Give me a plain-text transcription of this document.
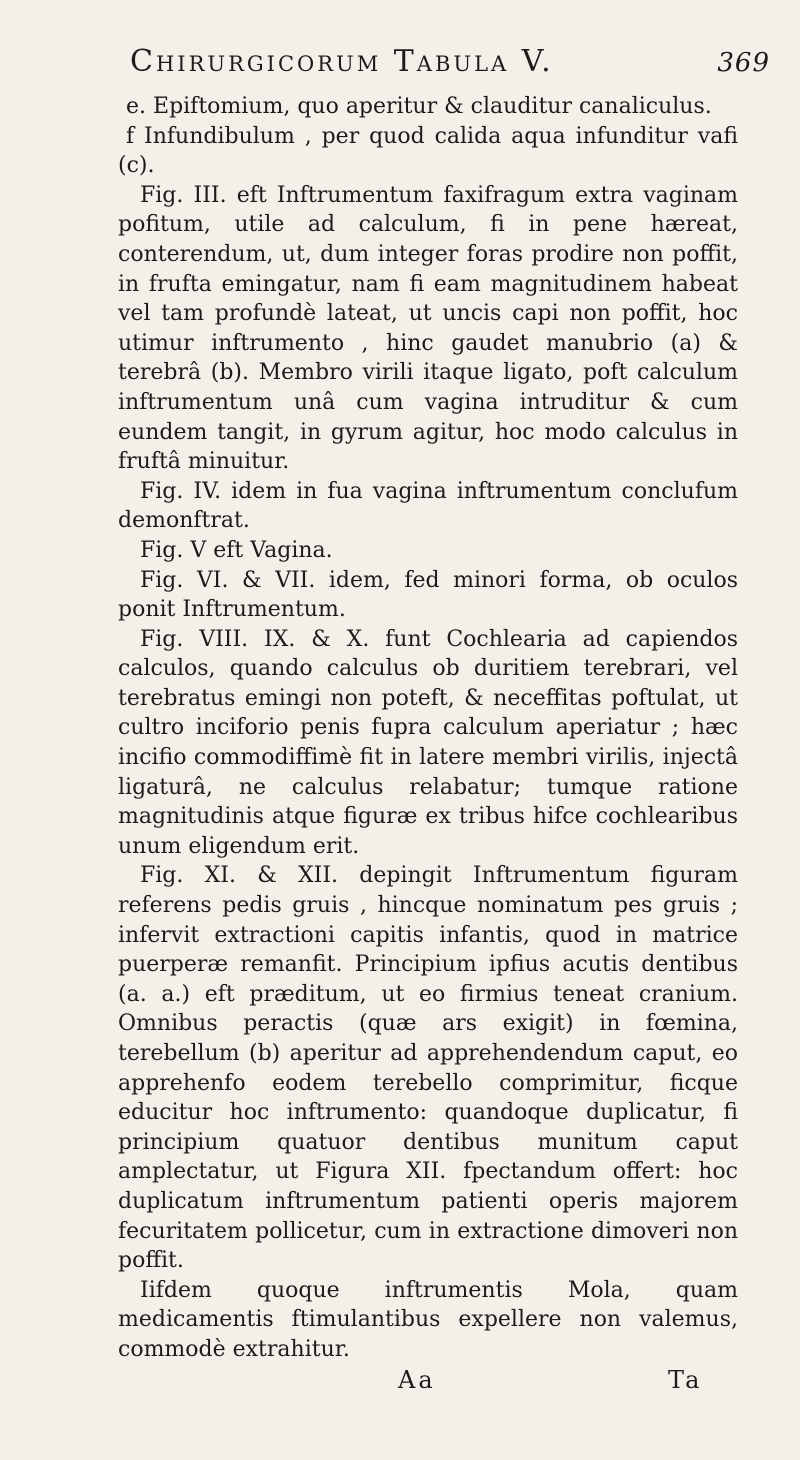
Chirurgicorum Tabula V.	369

e. Epiftomium, quo aperitur & clauditur canaliculus.

f Infundibulum , per quod calida aqua infunditur vafi (c).

Fig. III. eft Inftrumentum faxifragum extra vaginam pofitum, utile ad calculum, fi in pene hæreat, conterendum, ut, dum integer foras prodire non poffit, in frufta emingatur, nam fi eam magnitudinem habeat vel tam profundè lateat, ut uncis capi non poffit, hoc utimur inftrumento , hinc gaudet manubrio (a) & terebrâ (b). Membro virili itaque ligato, poft calculum inftrumentum unâ cum vagina intruditur & cum eundem tangit, in gyrum agitur, hoc modo calculus in fruftâ minuitur.

Fig. IV. idem in fua vagina inftrumentum conclufum demonftrat.

Fig. V eft Vagina.

Fig. VI. & VII. idem, fed minori forma, ob oculos ponit Inftrumentum.

Fig. VIII. IX. & X. funt Cochlearia ad capiendos calculos, quando calculus ob duritiem terebrari, vel terebratus emingi non poteft, & neceffitas poftulat, ut cultro inciforio penis fupra calculum aperiatur ; hæc incifio commodiffimè fit in latere membri virilis, injectâ ligaturâ, ne calculus relabatur; tumque ratione magnitudinis atque figuræ ex tribus hifce cochlearibus unum eligendum erit.

Fig. XI. & XII. depingit Inftrumentum figuram referens pedis gruis , hincque nominatum pes gruis ; infervit extractioni capitis infantis, quod in matrice puerperæ remanfit. Principium ipfius acutis dentibus (a. a.) eft præditum, ut eo firmius teneat cranium. Omnibus peractis (quæ ars exigit) in fœmina, terebellum (b) aperitur ad apprehendendum caput, eo apprehenfo eodem terebello comprimitur, ficque educitur hoc inftrumento: quandoque duplicatur, fi principium quatuor dentibus munitum caput amplectatur, ut Figura XII. fpectandum offert: hoc duplicatum inftrumentum patienti operis majorem fecuritatem pollicetur, cum in extractione dimoveri non poffit.

Iifdem quoque inftrumentis Mola, quam medicamentis ftimulantibus expellere non valemus, commodè extrahitur.

Aa	Ta
